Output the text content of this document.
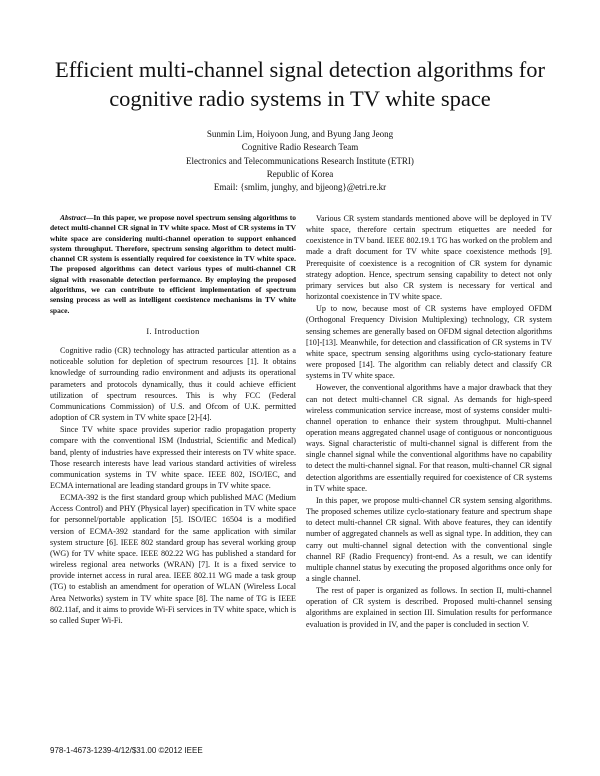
Efficient multi-channel signal detection algorithms for cognitive radio systems in TV white space
Sunmin Lim, Hoiyoon Jung, and Byung Jang Jeong
Cognitive Radio Research Team
Electronics and Telecommunications Research Institute (ETRI)
Republic of Korea
Email: {smlim, junghy, and bjjeong}@etri.re.kr

Abstract—In this paper, we propose novel spectrum sensing algorithms to detect multi-channel CR signal in TV white space. Most of CR systems in TV white space are considering multi-channel operation to support enhanced system throughput. Therefore, spectrum sensing algorithm to detect multi-channel CR system is essentially required for coexistence in TV white space. The proposed algorithms can detect various types of multi-channel CR signal with reasonable detection performance. By employing the proposed algorithms, we can contribute to efficient implementation of spectrum sensing process as well as intelligent coexistence mechanisms in TV white space.

I. Introduction

Cognitive radio (CR) technology has attracted particular attention as a noticeable solution for depletion of spectrum resources [1]. It obtains knowledge of surrounding radio environment and adjusts its operational parameters and protocols dynamically, thus it could achieve efficient utilization of spectrum resources. This is why FCC (Federal Communications Commission) of U.S. and Ofcom of U.K. permitted adoption of CR system in TV white space [2]-[4].

Since TV white space provides superior radio propagation property compare with the conventional ISM (Industrial, Scientific and Medical) band, plenty of industries have expressed their interests on TV white space. Those research interests have lead various standard activities of wireless communication systems in TV white space. IEEE 802, ISO/IEC, and ECMA international are leading standard groups in TV white space.

ECMA-392 is the first standard group which published MAC (Medium Access Control) and PHY (Physical layer) specification in TV white space for personnel/portable application [5]. ISO/IEC 16504 is a modified version of ECMA-392 standard for the same application with similar system structure [6]. IEEE 802 standard group has several working group (WG) for TV white space. IEEE 802.22 WG has published a standard for wireless regional area networks (WRAN) [7]. It is a fixed service to provide internet access in rural area. IEEE 802.11 WG made a task group (TG) to establish an amendment for operation of WLAN (Wireless Local Area Networks) system in TV white space [8]. The name of TG is IEEE 802.11af, and it aims to provide Wi-Fi services in TV white space, which is so called Super Wi-Fi.

Various CR system standards mentioned above will be deployed in TV white space, therefore certain spectrum etiquettes are needed for coexistence in TV band. IEEE 802.19.1 TG has worked on the problem and made a draft document for TV white space coexistence methods [9]. Prerequisite of coexistence is a recognition of CR system for dynamic strategy adoption. Hence, spectrum sensing capability to detect not only primary services but also CR system is necessary for vertical and horizontal coexistence in TV white space.

Up to now, because most of CR systems have employed OFDM (Orthogonal Frequency Division Multiplexing) technology, CR system sensing schemes are generally based on OFDM signal detection algorithms [10]-[13]. Meanwhile, for detection and classification of CR systems in TV white space, spectrum sensing algorithms using cyclo-stationary feature were proposed [14]. The algorithm can reliably detect and classify CR systems in TV white space.

However, the conventional algorithms have a major drawback that they can not detect multi-channel CR signal. As demands for high-speed wireless communication service increase, most of systems consider multi-channel operation to enhance their system throughput. Multi-channel operation means aggregated channel usage of contiguous or noncontiguous ways. Signal characteristic of multi-channel signal is different from the single channel signal while the conventional algorithms have no capability to detect the multi-channel signal. For that reason, multi-channel CR signal detection algorithms are essentially required for coexistence of CR systems in TV white space.

In this paper, we propose multi-channel CR system sensing algorithms. The proposed schemes utilize cyclo-stationary feature and spectrum shape to detect multi-channel CR signal. With above features, they can identify number of aggregated channels as well as signal type. In addition, they can carry out multi-channel signal detection with the conventional single channel RF (Radio Frequency) front-end. As a result, we can identify multiple channel status by executing the proposed algorithms once only for a single channel.

The rest of paper is organized as follows. In section II, multi-channel operation of CR system is described. Proposed multi-channel sensing algorithms are explained in section III. Simulation results for performance evaluation is provided in IV, and the paper is concluded in section V.

978-1-4673-1239-4/12/$31.00 ©2012 IEEE
